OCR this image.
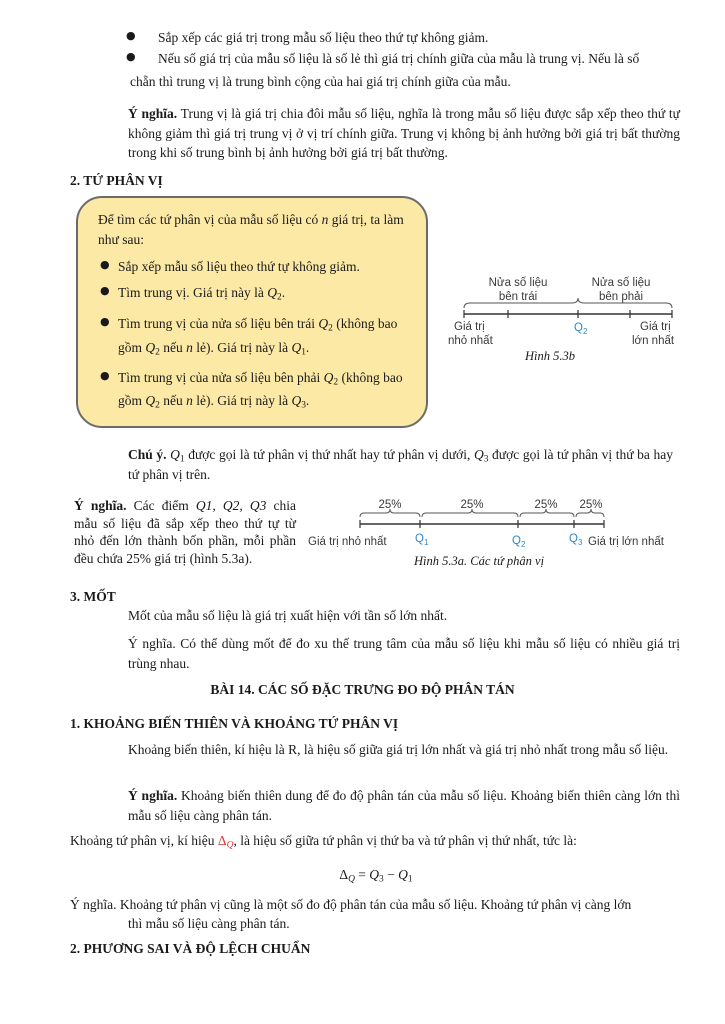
● Sắp xếp các giá trị trong mẫu số liệu theo thứ tự không giảm.
● Nếu số giá trị của mẫu số liệu là số lẻ thì giá trị chính giữa của mẫu là trung vị. Nếu là số
chẵn thì trung vị là trung bình cộng của hai giá trị chính giữa của mẫu.
Ý nghĩa. Trung vị là giá trị chia đôi mẫu số liệu, nghĩa là trong mẫu số liệu được sắp xếp theo thứ tự không giảm thì giá trị trung vị ở vị trí chính giữa. Trung vị không bị ảnh hưởng bởi giá trị bất thường trong khi số trung bình bị ảnh hưởng bởi giá trị bất thường.
2. TỨ PHÂN VỊ
Để tìm các tứ phân vị của mẫu số liệu có n giá trị, ta làm như sau:
● Sắp xếp mẫu số liệu theo thứ tự không giảm.
● Tìm trung vị. Giá trị này là $Q_2$.
● Tìm trung vị của nửa số liệu bên trái $Q_2$ (không bao gồm $Q_2$ nếu n lẻ). Giá trị này là $Q_1$.
● Tìm trung vị của nửa số liệu bên phải $Q_2$ (không bao gồm $Q_2$ nếu n lẻ). Giá trị này là $Q_3$.
Nửa số liệu
bên trái
Nửa số liệu
bên phải
Giá trị
nhỏ nhất
$Q_2$	Giá trị
lớn nhất
Hình 5.3b
Chú ý. $Q_1$ được gọi là tứ phân vị thứ nhất hay tứ phân vị dưới, $Q_3$ được gọi là tứ phân vị thứ ba hay tứ phân vị trên.
Ý nghĩa. Các điểm Q1, Q2, Q3 chia mẫu số liệu đã sắp xếp theo thứ tự từ nhỏ đến lớn thành bốn phần, mỗi phần đều chứa 25% giá trị (hình 5.3a).
25%	25%	25% 25%
Giá trị nhỏ nhất $Q_1$	$Q_2$	$Q_3$ Giá trị lớn nhất
Hình 5.3a. Các tứ phân vị
3. MỐT
Mốt của mẫu số liệu là giá trị xuất hiện với tần số lớn nhất.
Ý nghĩa. Có thể dùng mốt để đo xu thế trung tâm của mẫu số liệu khi mẫu số liệu có nhiều giá trị trùng nhau.
BÀI 14. CÁC SỐ ĐẶC TRƯNG ĐO ĐỘ PHÂN TÁN
1. KHOẢNG BIẾN THIÊN VÀ KHOẢNG TỨ PHÂN VỊ
Khoảng biến thiên, kí hiệu là R, là hiệu số giữa giá trị lớn nhất và giá trị nhỏ nhất trong mẫu số liệu.
Ý nghĩa. Khoảng biến thiên dung để đo độ phân tán của mẫu số liệu. Khoảng biến thiên càng lớn thì mẫu số liệu càng phân tán.
Khoảng tứ phân vị, kí hiệu $\Delta_Q$, là hiệu số giữa tứ phân vị thứ ba và tứ phân vị thứ nhất, tức là:
$\Delta_Q = Q_3 - Q_1$
Ý nghĩa. Khoảng tứ phân vị cũng là một số đo độ phân tán của mẫu số liệu. Khoảng tứ phân vị càng lớn
thì mẫu số liệu càng phân tán.
2. PHƯƠNG SAI VÀ ĐỘ LỆCH CHUẨN
